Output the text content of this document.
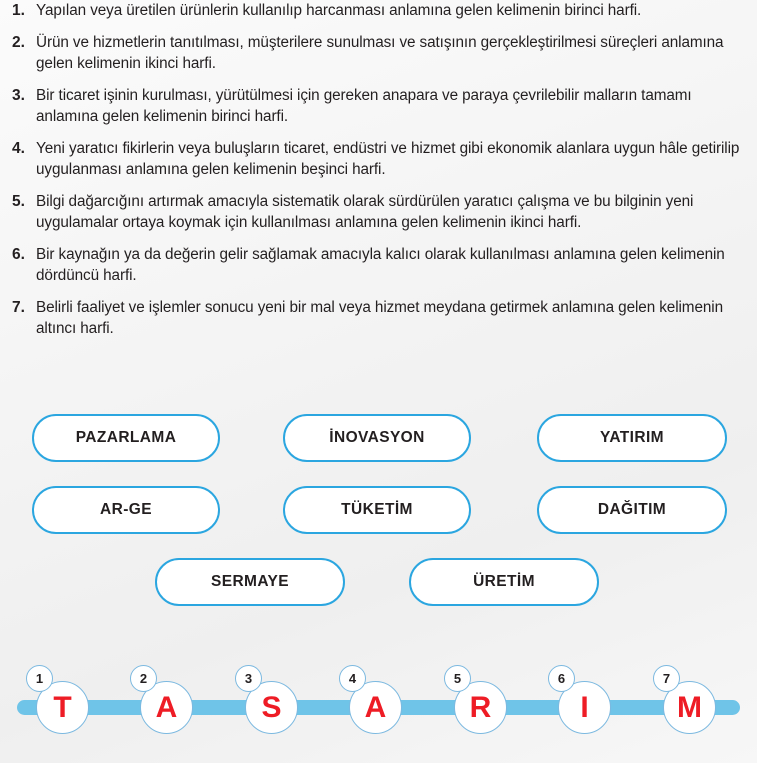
1. Yapılan veya üretilen ürünlerin kullanılıp harcanması anlamına gelen kelimenin birinci harfi.
2. Ürün ve hizmetlerin tanıtılması, müşterilere sunulması ve satışının gerçekleştirilmesi süreçleri anlamına gelen kelimenin ikinci harfi.
3. Bir ticaret işinin kurulması, yürütülmesi için gereken anapara ve paraya çevrilebilir malların tamamı anlamına gelen kelimenin birinci harfi.
4. Yeni yaratıcı fikirlerin veya buluşların ticaret, endüstri ve hizmet gibi ekonomik alanlara uygun hâle getirilip uygulanması anlamına gelen kelimenin beşinci harfi.
5. Bilgi dağarcığını artırmak amacıyla sistematik olarak sürdürülen yaratıcı çalışma ve bu bilginin yeni uygulamalar ortaya koymak için kullanılması anlamına gelen kelimenin ikinci harfi.
6. Bir kaynağın ya da değerin gelir sağlamak amacıyla kalıcı olarak kullanılması anlamına gelen kelimenin dördüncü harfi.
7. Belirli faaliyet ve işlemler sonucu yeni bir mal veya hizmet meydana getirmek anlamına gelen kelimenin altıncı harfi.
PAZARLAMA	İNOVASYON	YATIRIM
AR-GE	TÜKETİM	DAĞITIM
SERMAYE	ÜRETİM
T
1
A
2
S
3
A
4
R
5
I
6
M
7
